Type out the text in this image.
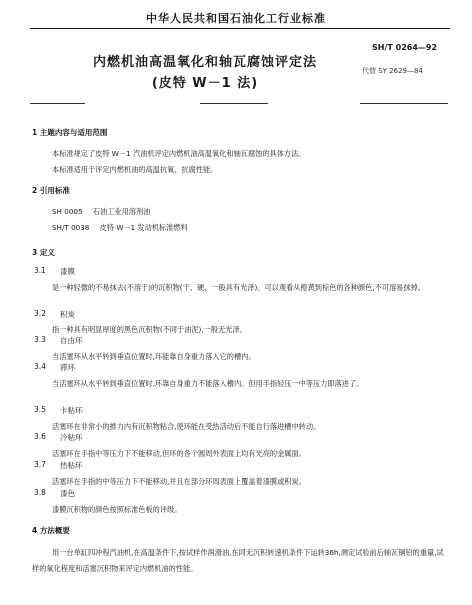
中华人民共和国石油化工行业标准
内燃机油高温氧化和轴瓦腐蚀评定法
(皮特 W－1 法)
SH/T 0264—92
代替 SY 2629—84
1 主题内容与适用范围

本标准规定了皮特 W－1 汽油机评定内燃机油高温氧化和轴瓦腐蚀的具体方法。

本标准适用于评定内燃机油的高温抗氧、抗腐性能。

2 引用标准
SH 0005 石油工业用溶剂油
SH/T 0038 皮特 W－1 发动机标准燃料
3 定义
3.1 漆膜

是一种轻微的不易抹去(不溶于)的沉积物(干、硬、一般具有光泽)。可以观看从橙黄到棕色的各种颜色,不可溶易抹掉。

3.2 积炭

指一种具有明显厚度的黑色沉积物(不同于油泥),一般无光泽。

3.3 自由环

当活塞环从水平转到垂直位置时,环能靠自身重力落入它的槽内。

3.4 滞环

当活塞环从水平转到垂直位置时,环靠自身重力不能落入槽内。但用手指轻压一中等压力即落进了。

3.5 卡粘环

活塞环在非常小的推力内有沉积物粘合,使环能在受热活动后不能自行落进槽中转动。

3.6 冷粘环

活塞环在手指中等压力下不能移动,但环的各个圆周外表面上均有光亮的金属面。

3.7 热粘环

活塞环在手指的中等压力下不能移动,并且在部分环周表面上覆盖着漆膜或积炭。

3.8 漆色

漆膜沉积物的颜色按照标准色板的评级。

4 方法概要

用一台单缸四冲程汽油机,在高温条件下,按试样作润滑油,在同无沉积转速机条件下运转36h,测定试验前后轴瓦铜铅的重量,试样的氧化程度和活塞沉积物来评定内燃机油的性能。
